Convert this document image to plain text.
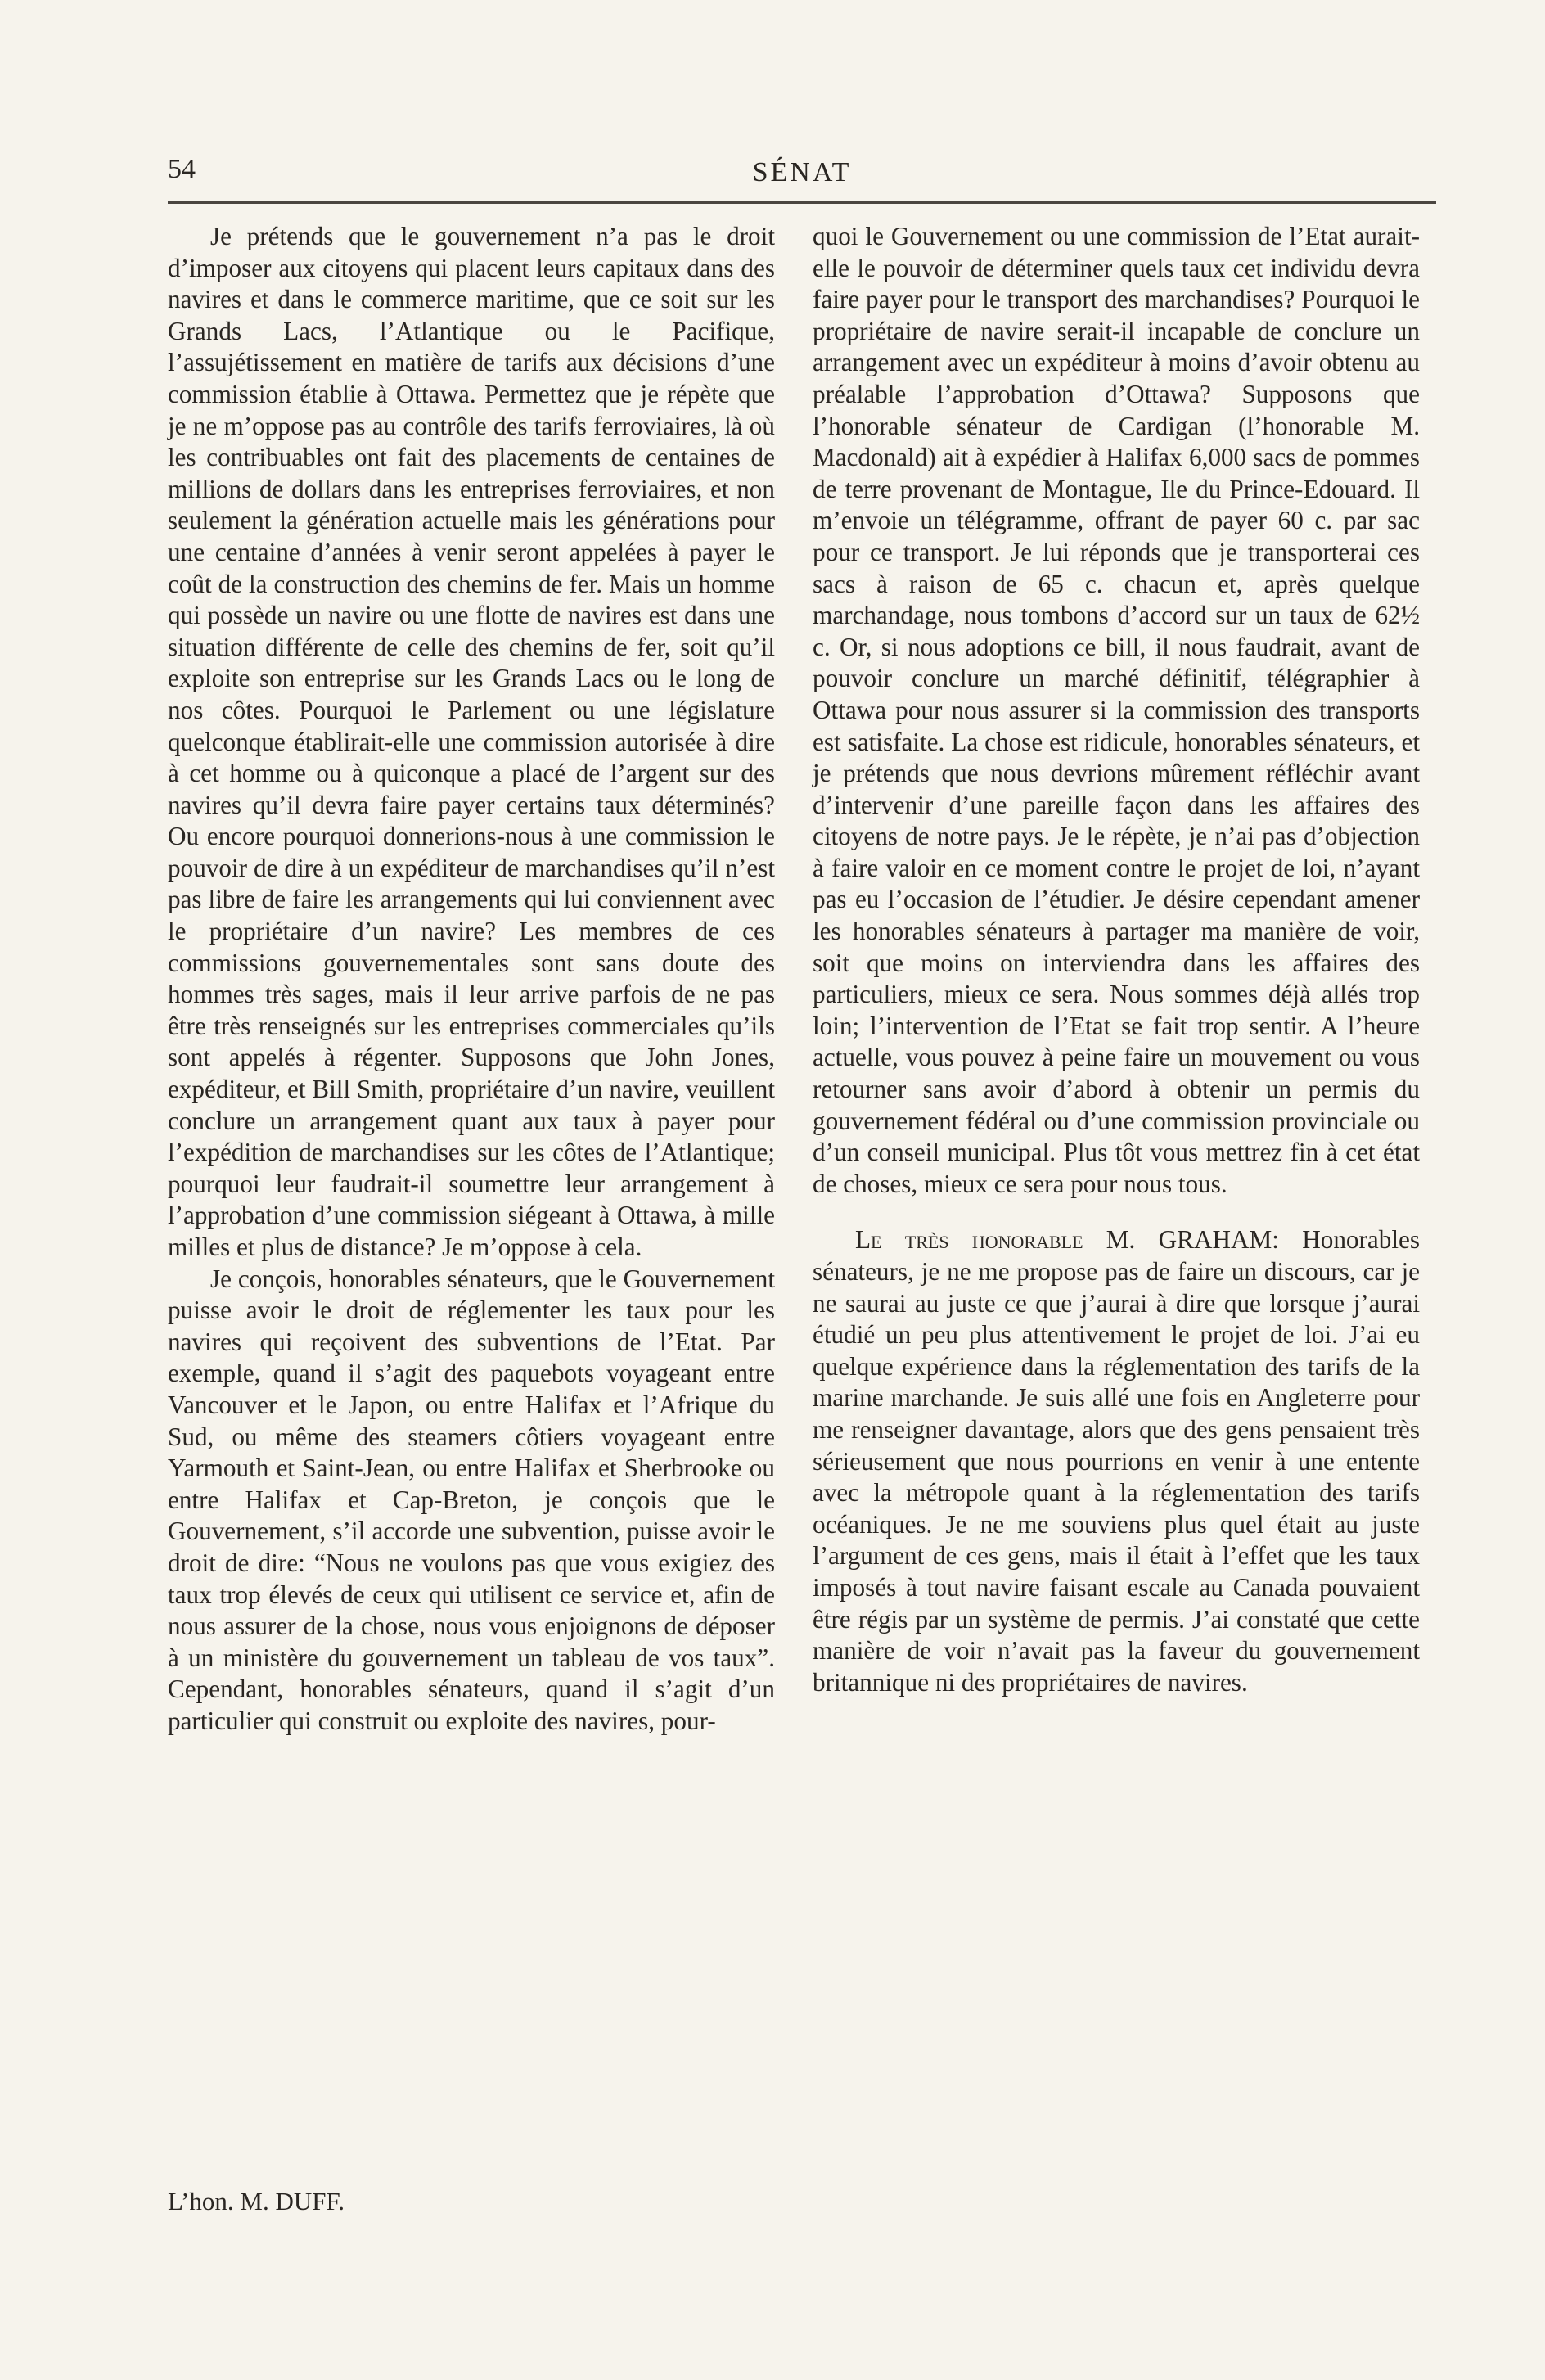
54	SÉNAT

Je prétends que le gouvernement n’a pas le droit d’imposer aux citoyens qui placent leurs capitaux dans des navires et dans le commerce maritime, que ce soit sur les Grands Lacs, l’Atlantique ou le Pacifique, l’assujétissement en matière de tarifs aux décisions d’une commission établie à Ottawa. Permettez que je répète que je ne m’oppose pas au contrôle des tarifs ferroviaires, là où les contribuables ont fait des placements de centaines de millions de dollars dans les entreprises ferroviaires, et non seulement la génération actuelle mais les générations pour une centaine d’années à venir seront appelées à payer le coût de la construction des chemins de fer. Mais un homme qui possède un navire ou une flotte de navires est dans une situation différente de celle des chemins de fer, soit qu’il exploite son entreprise sur les Grands Lacs ou le long de nos côtes. Pourquoi le Parlement ou une législature quelconque établirait-elle une commission autorisée à dire à cet homme ou à quiconque a placé de l’argent sur des navires qu’il devra faire payer certains taux déterminés? Ou encore pourquoi donnerions-nous à une commission le pouvoir de dire à un expéditeur de marchandises qu’il n’est pas libre de faire les arrangements qui lui conviennent avec le propriétaire d’un navire? Les membres de ces commissions gouvernementales sont sans doute des hommes très sages, mais il leur arrive parfois de ne pas être très renseignés sur les entreprises commerciales qu’ils sont appelés à régenter. Supposons que John Jones, expéditeur, et Bill Smith, propriétaire d’un navire, veuillent conclure un arrangement quant aux taux à payer pour l’expédition de marchandises sur les côtes de l’Atlantique; pourquoi leur faudrait-il soumettre leur arrangement à l’approbation d’une commission siégeant à Ottawa, à mille milles et plus de distance? Je m’oppose à cela.

Je conçois, honorables sénateurs, que le Gouvernement puisse avoir le droit de réglementer les taux pour les navires qui reçoivent des subventions de l’Etat. Par exemple, quand il s’agit des paquebots voyageant entre Vancouver et le Japon, ou entre Halifax et l’Afrique du Sud, ou même des steamers côtiers voyageant entre Yarmouth et Saint-Jean, ou entre Halifax et Sherbrooke ou entre Halifax et Cap-Breton, je conçois que le Gouvernement, s’il accorde une subvention, puisse avoir le droit de dire: “Nous ne voulons pas que vous exigiez des taux trop élevés de ceux qui utilisent ce service et, afin de nous assurer de la chose, nous vous enjoignons de déposer à un ministère du gouvernement un tableau de vos taux”. Cependant, honorables sénateurs, quand il s’agit d’un particulier qui construit ou exploite des navires, pour-

quoi le Gouvernement ou une commission de l’Etat aurait-elle le pouvoir de déterminer quels taux cet individu devra faire payer pour le transport des marchandises? Pourquoi le propriétaire de navire serait-il incapable de conclure un arrangement avec un expéditeur à moins d’avoir obtenu au préalable l’approbation d’Ottawa? Supposons que l’honorable sénateur de Cardigan (l’honorable M. Macdonald) ait à expédier à Halifax 6,000 sacs de pommes de terre provenant de Montague, Ile du Prince-Edouard. Il m’envoie un télégramme, offrant de payer 60 c. par sac pour ce transport. Je lui réponds que je transporterai ces sacs à raison de 65 c. chacun et, après quelque marchandage, nous tombons d’accord sur un taux de 62½ c. Or, si nous adoptions ce bill, il nous faudrait, avant de pouvoir conclure un marché définitif, télégraphier à Ottawa pour nous assurer si la commission des transports est satisfaite. La chose est ridicule, honorables sénateurs, et je prétends que nous devrions mûrement réfléchir avant d’intervenir d’une pareille façon dans les affaires des citoyens de notre pays. Je le répète, je n’ai pas d’objection à faire valoir en ce moment contre le projet de loi, n’ayant pas eu l’occasion de l’étudier. Je désire cependant amener les honorables sénateurs à partager ma manière de voir, soit que moins on interviendra dans les affaires des particuliers, mieux ce sera. Nous sommes déjà allés trop loin; l’intervention de l’Etat se fait trop sentir. A l’heure actuelle, vous pouvez à peine faire un mouvement ou vous retourner sans avoir d’abord à obtenir un permis du gouvernement fédéral ou d’une commission provinciale ou d’un conseil municipal. Plus tôt vous mettrez fin à cet état de choses, mieux ce sera pour nous tous.

Le très honorable M. GRAHAM: Honorables sénateurs, je ne me propose pas de faire un discours, car je ne saurai au juste ce que j’aurai à dire que lorsque j’aurai étudié un peu plus attentivement le projet de loi. J’ai eu quelque expérience dans la réglementation des tarifs de la marine marchande. Je suis allé une fois en Angleterre pour me renseigner davantage, alors que des gens pensaient très sérieusement que nous pourrions en venir à une entente avec la métropole quant à la réglementation des tarifs océaniques. Je ne me souviens plus quel était au juste l’argument de ces gens, mais il était à l’effet que les taux imposés à tout navire faisant escale au Canada pouvaient être régis par un système de permis. J’ai constaté que cette manière de voir n’avait pas la faveur du gouvernement britannique ni des propriétaires de navires.

L’hon. M. DUFF.
